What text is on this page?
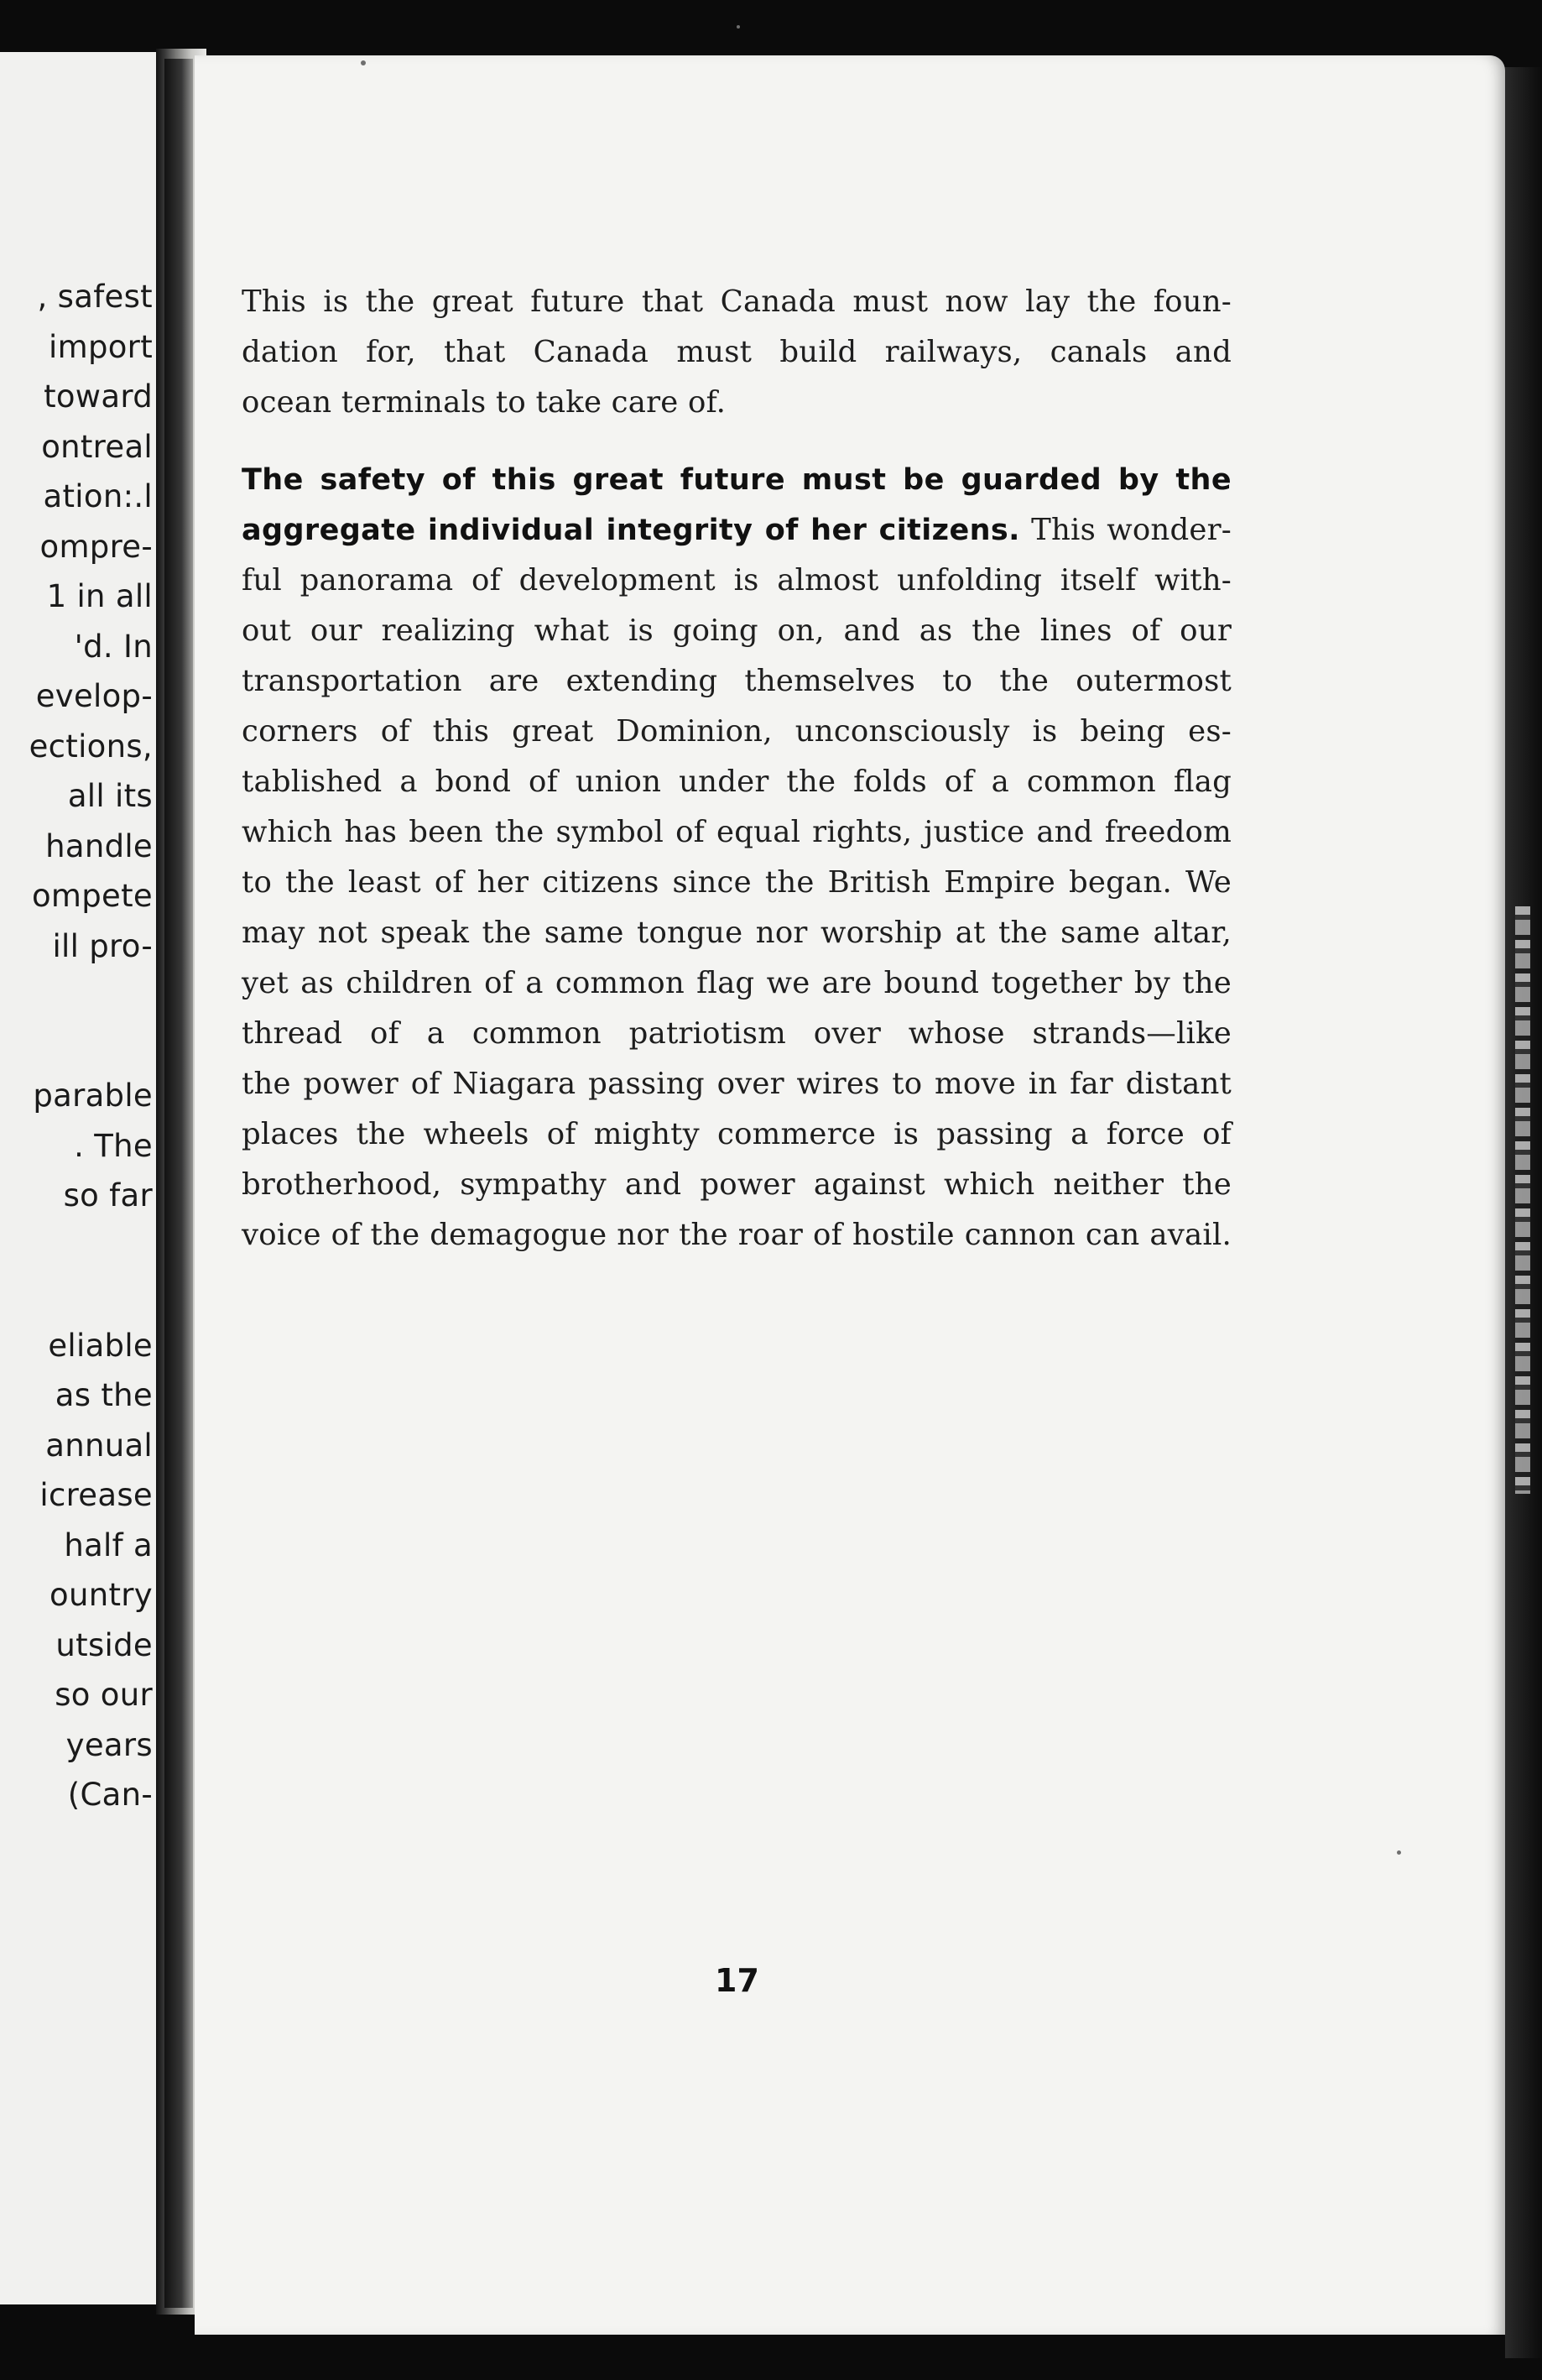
, safest
import
toward
ontreal
ation:.l
ompre-
1 in all
'd. In
evelop-
ections,
all its
handle
ompete
ill pro-
parable
. The
so far
eliable
as the
annual
icrease
half a
ountry
utside
so our
years
(Can-

This is the great future that Canada must now lay the foun-
dation for, that Canada must build railways, canals and
ocean terminals to take care of.

The safety of this great future must be guarded by the
aggregate individual integrity of her citizens. This wonder-
ful panorama of development is almost unfolding itself with-
out our realizing what is going on, and as the lines of our
transportation are extending themselves to the outermost
corners of this great Dominion, unconsciously is being es-
tablished a bond of union under the folds of a common flag
which has been the symbol of equal rights, justice and freedom
to the least of her citizens since the British Empire began. We
may not speak the same tongue nor worship at the same altar,
yet as children of a common flag we are bound together by the
thread of a common patriotism over whose strands—like
the power of Niagara passing over wires to move in far distant
places the wheels of mighty commerce is passing a force of
brotherhood, sympathy and power against which neither the
voice of the demagogue nor the roar of hostile cannon can avail.

17
